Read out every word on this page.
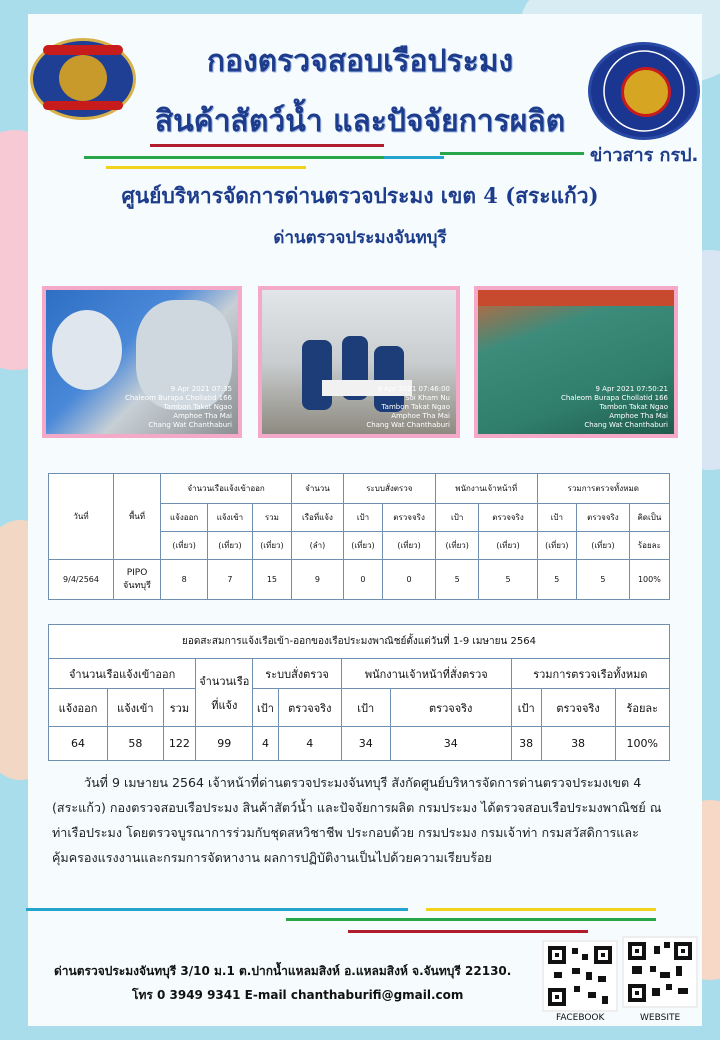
กองตรวจสอบเรือประมง
สินค้าสัตว์น้ำ และปัจจัยการผลิต
ข่าวสาร กรป.
ศูนย์บริหารจัดการด่านตรวจประมง เขต 4 (สระแก้ว)
ด่านตรวจประมงจันทบุรี
9 Apr 2021 07:35
Chaleom Burapa Chollatid 166
Tambon Takat Ngao
Amphoe Tha Mai
Chang Wat Chanthaburi
9 Apr 2021 07:46:00
Soi Kham Nu
Tambon Takat Ngao
Amphoe Tha Mai
Chang Wat Chanthaburi
9 Apr 2021 07:50:21
Chaleom Burapa Chollatid 166
Tambon Takat Ngao
Amphoe Tha Mai
Chang Wat Chanthaburi
วันที่	พื้นที่	จำนวนเรือแจ้งเข้าออก			จำนวน	ระบบสั่งตรวจ		พนักงานเจ้าหน้าที่		รวมการตรวจทั้งหมด		
		แจ้งออก	แจ้งเข้า	รวม	เรือที่แจ้ง	เป้า	ตรวจจริง	เป้า	ตรวจจริง	เป้า	ตรวจจริง	คิดเป็น
		(เที่ยว)	(เที่ยว)	(เที่ยว)	(ลำ)	(เที่ยว)	(เที่ยว)	(เที่ยว)	(เที่ยว)	(เที่ยว)	(เที่ยว)	ร้อยละ
9/4/2564	PIPO จันทบุรี	8	7	15	9	0	0	5	5	5	5	100%
ยอดสะสมการแจ้งเรือเข้า-ออกของเรือประมงพาณิชย์ตั้งแต่วันที่ 1-9 เมษายน 2564										
จำนวนเรือแจ้งเข้าออก			จำนวนเรือ
ที่แจ้ง	ระบบสั่งตรวจ		พนักงานเจ้าหน้าที่สั่งตรวจ		รวมการตรวจเรือทั้งหมด		
แจ้งออก	แจ้งเข้า	รวม		เป้า	ตรวจจริง	เป้า	ตรวจจริง	เป้า	ตรวจจริง	ร้อยละ
64	58	122	99	4	4	34	34	38	38	100%
วันที่ 9 เมษายน 2564 เจ้าหน้าที่ด่านตรวจประมงจันทบุรี สังกัดศูนย์บริหารจัดการด่านตรวจประมงเขต 4 (สระแก้ว) กองตรวจสอบเรือประมง สินค้าสัตว์น้ำ และปัจจัยการผลิต กรมประมง ได้ตรวจสอบเรือประมงพาณิชย์ ณ ท่าเรือประมง โดยตรวจบูรณาการร่วมกับชุดสหวิชาชีพ ประกอบด้วย กรมประมง กรมเจ้าท่า กรมสวัสดิการและคุ้มครองแรงงานและกรมการจัดหางาน ผลการปฏิบัติงานเป็นไปด้วยความเรียบร้อย
ด่านตรวจประมงจันทบุรี 3/10 ม.1 ต.ปากน้ำแหลมสิงห์ อ.แหลมสิงห์ จ.จันทบุรี 22130.
โทร 0 3949 9341 E-mail chanthaburifi@gmail.com
FACEBOOK	WEBSITE
